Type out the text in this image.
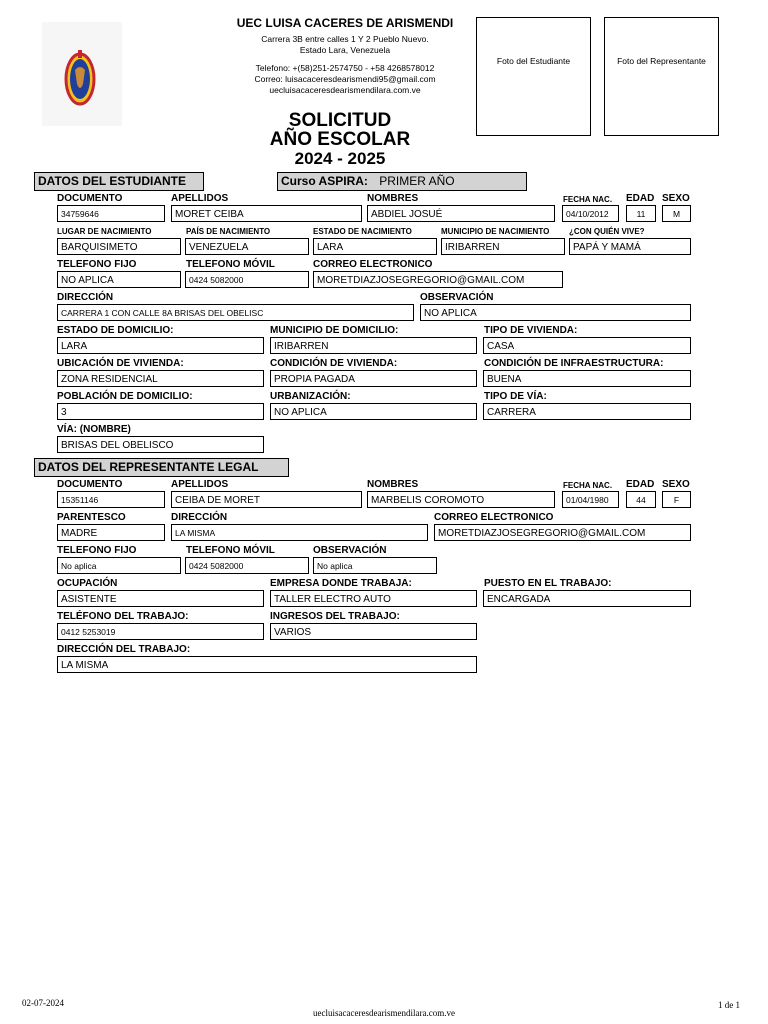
UEC LUISA CACERES DE ARISMENDI
Carrera 3B entre calles 1 Y 2 Pueblo Nuevo.
Estado Lara, Venezuela
Telefono: +(58)251-2574750 - +58 4268578012
Correo: luisacaceresdearismendi95@gmail.com
uecluisacaceresdearismendilara.com.ve
Foto del Estudiante	Foto del Representante
SOLICITUD
AÑO ESCOLAR
2024 - 2025
DATOS DEL ESTUDIANTE	Curso ASPIRA: PRIMER AÑO
DOCUMENTO	APELLIDOS	NOMBRES	FECHA NAC. EDAD SEXO
34759646	MORET CEIBA	ABDIEL JOSUÉ	04/10/2012	11	M
LUGAR DE NACIMIENTO	PAÍS DE NACIMIENTO	ESTADO DE NACIMIENTO	MUNICIPIO DE NACIMIENTO ¿CON QUIÉN VIVE?
BARQUISIMETO	VENEZUELA	LARA	IRIBARREN	PAPÁ Y MAMÁ
TELEFONO FIJO	TELEFONO MÓVIL	CORREO ELECTRONICO
NO APLICA	0424 5082000	MORETDIAZJOSEGREGORIO@GMAIL.COM
DIRECCIÓN	OBSERVACIÓN
CARRERA 1 CON CALLE 8A BRISAS DEL OBELISC	NO APLICA
ESTADO DE DOMICILIO:	MUNICIPIO DE DOMICILIO:	TIPO DE VIVIENDA:
LARA	IRIBARREN	CASA
UBICACIÓN DE VIVIENDA:	CONDICIÓN DE VIVIENDA:	CONDICIÓN DE INFRAESTRUCTURA:
ZONA RESIDENCIAL	PROPIA PAGADA	BUENA
POBLACIÓN DE DOMICILIO:	URBANIZACIÓN:	TIPO DE VÍA:
3	NO APLICA	CARRERA
VÍA: (NOMBRE)
BRISAS DEL OBELISCO
DATOS DEL REPRESENTANTE LEGAL
DOCUMENTO	APELLIDOS	NOMBRES	FECHA NAC. EDAD SEXO
15351146	CEIBA DE MORET	MARBELIS COROMOTO	01/04/1980	44	F
PARENTESCO	DIRECCIÓN	CORREO ELECTRONICO
MADRE	LA MISMA	MORETDIAZJOSEGREGORIO@GMAIL.COM
TELEFONO FIJO	TELEFONO MÓVIL	OBSERVACIÓN
No aplica	0424 5082000	No aplica
OCUPACIÓN	EMPRESA DONDE TRABAJA:	PUESTO EN EL TRABAJO:
ASISTENTE	TALLER ELECTRO AUTO	ENCARGADA
TELÉFONO DEL TRABAJO:	INGRESOS DEL TRABAJO:
0412 5253019	VARIOS
DIRECCIÓN DEL TRABAJO:
LA MISMA
02-07-2024
uecluisacaceresdearismendilara.com.ve
1 de 1
